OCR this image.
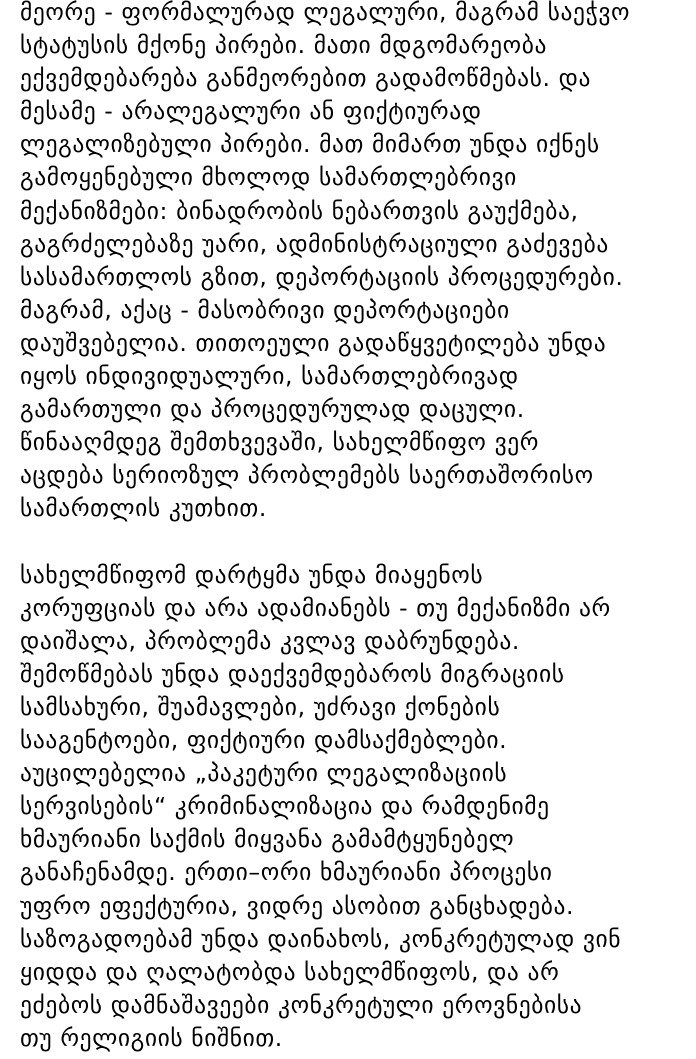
მეორე - ფორმალურად ლეგალური, მაგრამ საეჭვო
სტატუსის მქონე პირები. მათი მდგომარეობა
ექვემდებარება განმეორებით გადამოწმებას. და
მესამე - არალეგალური ან ფიქტიურად
ლეგალიზებული პირები. მათ მიმართ უნდა იქნეს
გამოყენებული მხოლოდ სამართლებრივი
მექანიზმები: ბინადრობის ნებართვის გაუქმება,
გაგრძელებაზე უარი, ადმინისტრაციული გაძევება
სასამართლოს გზით, დეპორტაციის პროცედურები.
მაგრამ, აქაც - მასობრივი დეპორტაციები
დაუშვებელია. თითოეული გადაწყვეტილება უნდა
იყოს ინდივიდუალური, სამართლებრივად
გამართული და პროცედურულად დაცული.
წინააღმდეგ შემთხვევაში, სახელმწიფო ვერ
აცდება სერიოზულ პრობლემებს საერთაშორისო
სამართლის კუთხით.
სახელმწიფომ დარტყმა უნდა მიაყენოს
კორუფციას და არა ადამიანებს - თუ მექანიზმი არ
დაიშალა, პრობლემა კვლავ დაბრუნდება.
შემოწმებას უნდა დაექვემდებაროს მიგრაციის
სამსახური, შუამავლები, უძრავი ქონების
სააგენტოები, ფიქტიური დამსაქმებლები.
აუცილებელია „პაკეტური ლეგალიზაციის
სერვისების“ კრიმინალიზაცია და რამდენიმე
ხმაურიანი საქმის მიყვანა გამამტყუნებელ
განაჩენამდე. ერთი–ორი ხმაურიანი პროცესი
უფრო ეფექტურია, ვიდრე ასობით განცხადება.
საზოგადოებამ უნდა დაინახოს, კონკრეტულად ვინ
ყიდდა და ღალატობდა სახელმწიფოს, და არ
ეძებოს დამნაშავეები კონკრეტული ეროვნებისა
თუ რელიგიის ნიშნით.
